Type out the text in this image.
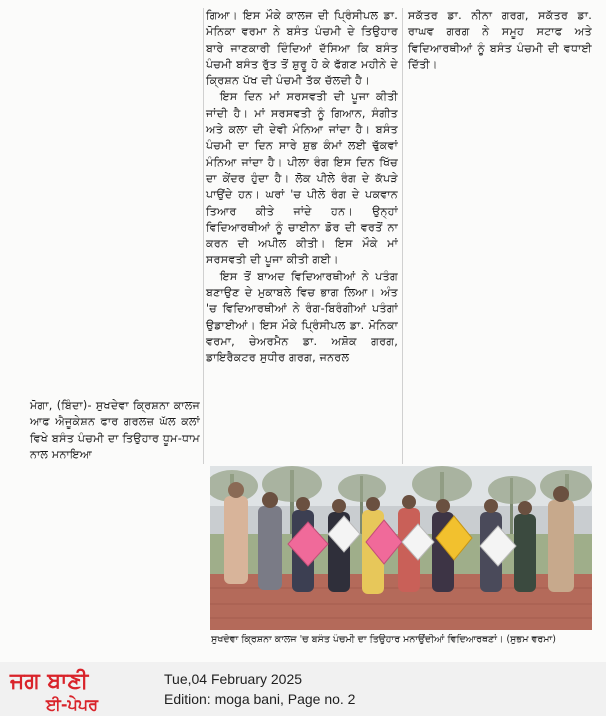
ਮੋਗਾ, (ਬਿੰਦਾ)- ਸੁਖਦੇਵਾ ਕ੍ਰਿਸ਼ਨਾ ਕਾਲਜ ਆਫ ਐਜੂਕੇਸ਼ਨ ਫਾਰ ਗਰਲਜ਼ ਘੱਲ ਕਲਾਂ ਵਿਖੇ ਬਸੰਤ ਪੰਚਮੀ ਦਾ ਤਿਉਹਾਰ ਧੂਮ-ਧਾਮ ਨਾਲ ਮਨਾਇਆ

ਗਿਆ। ਇਸ ਮੌਕੇ ਕਾਲਜ ਦੀ ਪ੍ਰਿੰਸੀਪਲ ਡਾ. ਮੋਨਿਕਾ ਵਰਮਾ ਨੇ ਬਸੰਤ ਪੰਚਮੀ ਦੇ ਤਿਉਹਾਰ ਬਾਰੇ ਜਾਣਕਾਰੀ ਦਿੰਦਿਆਂ ਦੱਸਿਆ ਕਿ ਬਸੰਤ ਪੰਚਮੀ ਬਸੰਤ ਰੁੱਤ ਤੋਂ ਸ਼ੁਰੂ ਹੋ ਕੇ ਫੱਗਣ ਮਹੀਨੇ ਦੇ ਕ੍ਰਿਸ਼ਨ ਪੱਖ ਦੀ ਪੰਚਮੀ ਤੱਕ ਚੱਲਦੀ ਹੈ।

ਇਸ ਦਿਨ ਮਾਂ ਸਰਸਵਤੀ ਦੀ ਪੂਜਾ ਕੀਤੀ ਜਾਂਦੀ ਹੈ। ਮਾਂ ਸਰਸਵਤੀ ਨੂੰ ਗਿਆਨ, ਸੰਗੀਤ ਅਤੇ ਕਲਾ ਦੀ ਦੇਵੀ ਮੰਨਿਆ ਜਾਂਦਾ ਹੈ। ਬਸੰਤ ਪੰਚਮੀ ਦਾ ਦਿਨ ਸਾਰੇ ਸ਼ੁਭ ਕੰਮਾਂ ਲਈ ਢੁੱਕਵਾਂ ਮੰਨਿਆ ਜਾਂਦਾ ਹੈ। ਪੀਲਾ ਰੰਗ ਇਸ ਦਿਨ ਖਿੱਚ ਦਾ ਕੇਂਦਰ ਹੁੰਦਾ ਹੈ। ਲੋਕ ਪੀਲੇ ਰੰਗ ਦੇ ਕੱਪੜੇ ਪਾਉਂਦੇ ਹਨ। ਘਰਾਂ 'ਚ ਪੀਲੇ ਰੰਗ ਦੇ ਪਕਵਾਨ ਤਿਆਰ ਕੀਤੇ ਜਾਂਦੇ ਹਨ। ਉਨ੍ਹਾਂ ਵਿਦਿਆਰਥੀਆਂ ਨੂੰ ਚਾਈਨਾ ਡੋਰ ਦੀ ਵਰਤੋਂ ਨਾ ਕਰਨ ਦੀ ਅਪੀਲ ਕੀਤੀ। ਇਸ ਮੌਕੇ ਮਾਂ ਸਰਸਵਤੀ ਦੀ ਪੂਜਾ ਕੀਤੀ ਗਈ।

ਇਸ ਤੋਂ ਬਾਅਦ ਵਿਦਿਆਰਥੀਆਂ ਨੇ ਪਤੰਗ ਬਣਾਉਣ ਦੇ ਮੁਕਾਬਲੇ ਵਿਚ ਭਾਗ ਲਿਆ। ਅੰਤ 'ਚ ਵਿਦਿਆਰਥੀਆਂ ਨੇ ਰੰਗ-ਬਿਰੰਗੀਆਂ ਪਤੰਗਾਂ ਉਡਾਈਆਂ। ਇਸ ਮੌਕੇ ਪ੍ਰਿੰਸੀਪਲ ਡਾ. ਮੋਨਿਕਾ ਵਰਮਾ, ਚੇਅਰਮੈਨ ਡਾ. ਅਸ਼ੋਕ ਗਰਗ, ਡਾਇਰੈਕਟਰ ਸੁਧੀਰ ਗਰਗ, ਜਨਰਲ

ਸਕੱਤਰ ਡਾ. ਨੀਨਾ ਗਰਗ, ਸਕੱਤਰ ਡਾ. ਰਾਘਵ ਗਰਗ ਨੇ ਸਮੂਹ ਸਟਾਫ ਅਤੇ ਵਿਦਿਆਰਥੀਆਂ ਨੂੰ ਬਸੰਤ ਪੰਚਮੀ ਦੀ ਵਧਾਈ ਦਿੱਤੀ।

ਸੁਖਦੇਵਾ ਕ੍ਰਿਸ਼ਨਾ ਕਾਲਜ 'ਚ ਬਸੰਤ ਪੰਚਮੀ ਦਾ ਤਿਉਹਾਰ ਮਨਾਉਂਦੀਆਂ ਵਿਦਿਆਰਥਣਾਂ। (ਸੁਭਮ ਵਰਮਾ)
ਜਗ ਬਾਣੀ
ਈ-ਪੇਪਰ
Tue,04 February 2025
Edition: moga bani, Page no. 2
